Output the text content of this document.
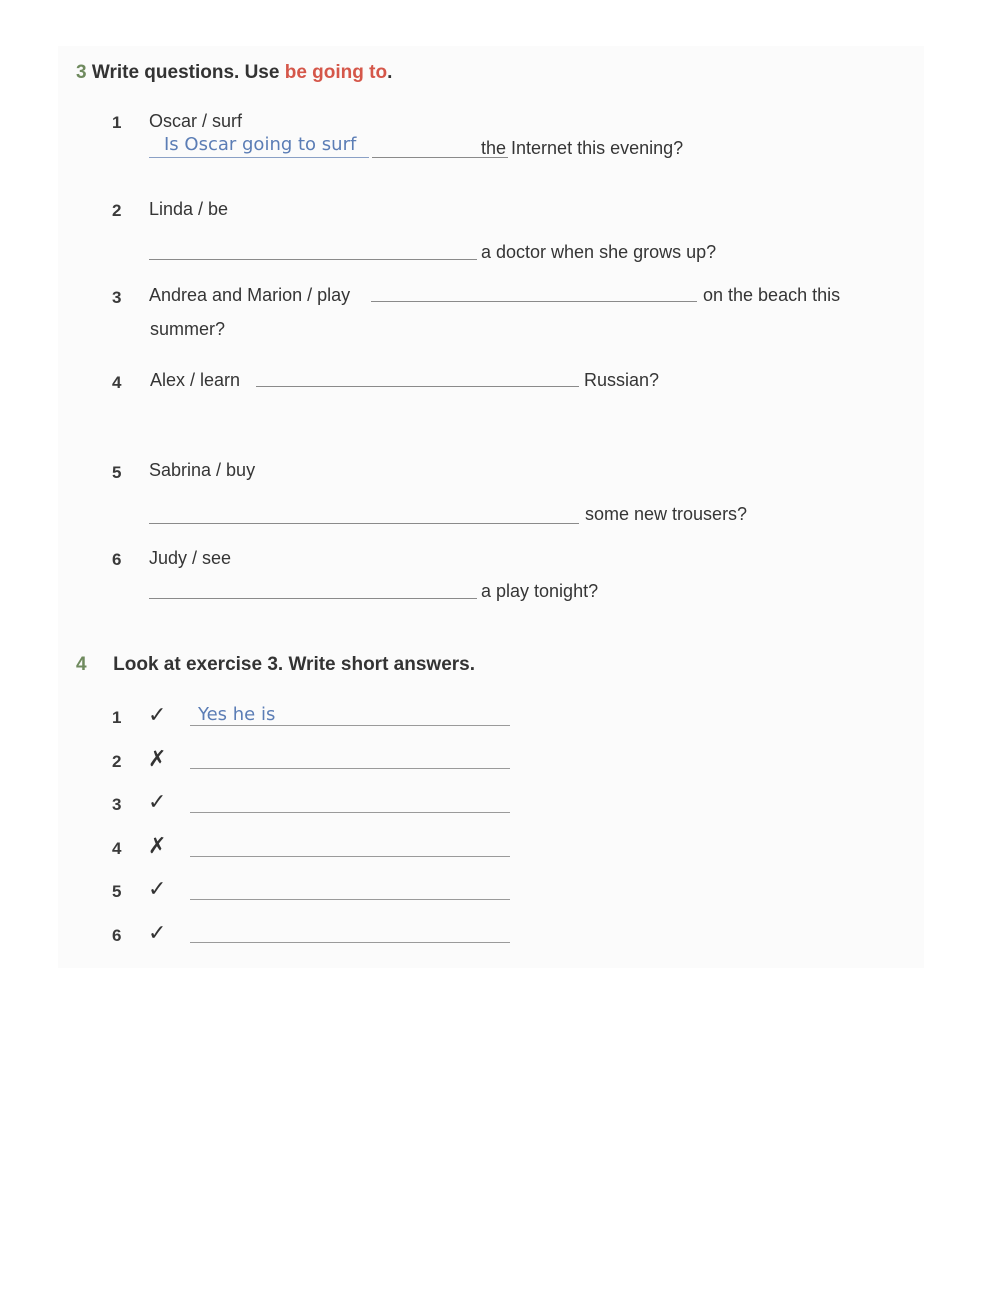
3 Write questions. Use be going to.
1 Oscar / surf
Is Oscar going to surf	the Internet this evening?
2 Linda / be
a doctor when she grows up?
3 Andrea and Marion / play	on the beach this
summer?
4 Alex / learn	Russian?
5 Sabrina / buy
some new trousers?
6 Judy / see
a play tonight?
4 Look at exercise 3. Write short answers.
1 ✓ Yes he is
2 ✗
3 ✓
4 ✗
5 ✓
6 ✓
